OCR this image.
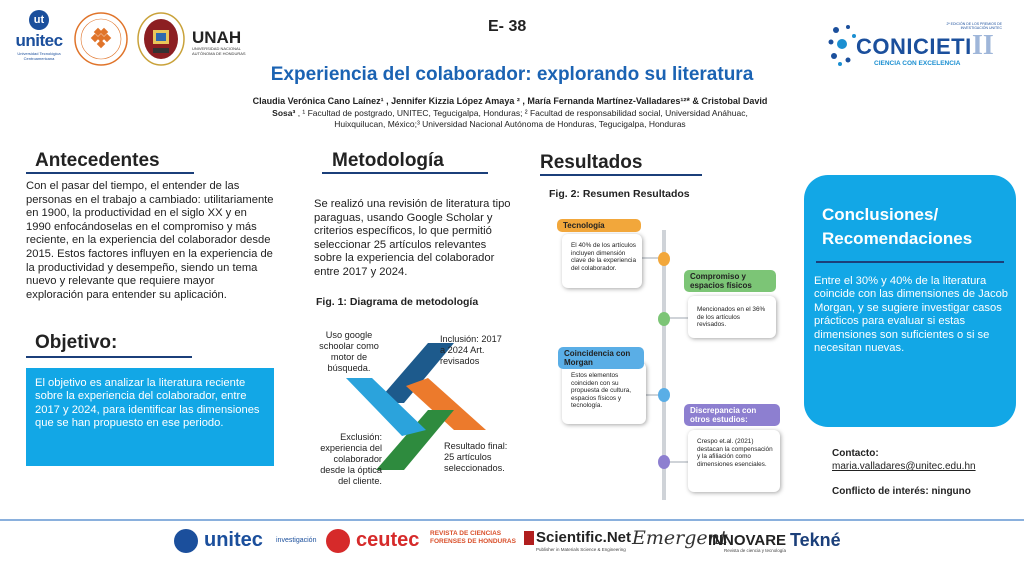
ut
unitec
Universidad Tecnológica Centroamericana
UNAH
UNIVERSIDAD NACIONAL AUTÓNOMA DE HONDURAS
E- 38
CONICIETI II
2ª EDICIÓN DE LOS PREMIOS DE INVESTIGACIÓN UNITEC
CIENCIA CON EXCELENCIA
Experiencia del colaborador: explorando su literatura
Claudia Verónica Cano Laínez¹ , Jennifer Kizzia López Amaya ² , María Fernanda Martínez-Valladares¹²* & Cristobal David
Sosa³ , ¹ Facultad de postgrado, UNITEC, Tegucigalpa, Honduras; ² Facultad de responsabilidad social, Universidad Anáhuac,
Huixquilucan, México;³ Universidad Nacional Autónoma de Honduras, Tegucigalpa, Honduras
Antecedentes
Con el pasar del tiempo, el entender de las personas en el trabajo a cambiado: utilitariamente en 1900, la productividad en el siglo XX y en 1990 enfocándoselas en el compromiso y más reciente, en la experiencia del colaborador desde 2015. Estos factores influyen en la experiencia de la productividad y desempeño, siendo un tema nuevo y relevante que requiere mayor exploración para entender su aplicación.
Objetivo:

El objetivo es analizar la literatura reciente sobre la experiencia del colaborador, entre 2017 y 2024, para identificar las dimensiones que se han propuesto en ese periodo.

Metodología
Se realizó una revisión de literatura tipo paraguas, usando Google Scholar y criterios específicos, lo que permitió seleccionar 25 artículos relevantes sobre la experiencia del colaborador entre 2017 y 2024.
Fig. 1: Diagrama de metodología
Uso google schoolar como motor de búsqueda.
Inclusión: 2017 a 2024 Art. revisados
Exclusión: experiencia del colaborador desde la óptica del cliente.
Resultado final: 25 artículos seleccionados.
Resultados
Fig. 2: Resumen Resultados
El 40% de los artículos incluyen dimensión clave de la experiencia del colaborador.
Tecnología
Mencionados en el 36% de los artículos revisados.
Compromiso y espacios físicos
Estos elementos coinciden con su propuesta de cultura, espacios físicos y tecnología.
Coincidencia con Morgan
Crespo et.al. (2021) destacan la compensación y la afiliación como dimensiones esenciales.
Discrepancia con otros estudios:
Conclusiones/
Recomendaciones
Entre el 30% y 40% de la literatura coincide con las dimensiones de Jacob Morgan, y se sugiere investigar casos prácticos para evaluar si estas dimensiones son suficientes o si se necesitan nuevas.
Contacto:
maria.valladares@unitec.edu.hn
Conflicto de interés: ninguno
unitec investigación ceutec REVISTA DE CIENCIAS FORENSES DE HONDURAS Scientific.Net
Publisher in Materials Science & Engineering
Emergent
INNOVARE
Revista de ciencia y tecnología
Tekné
